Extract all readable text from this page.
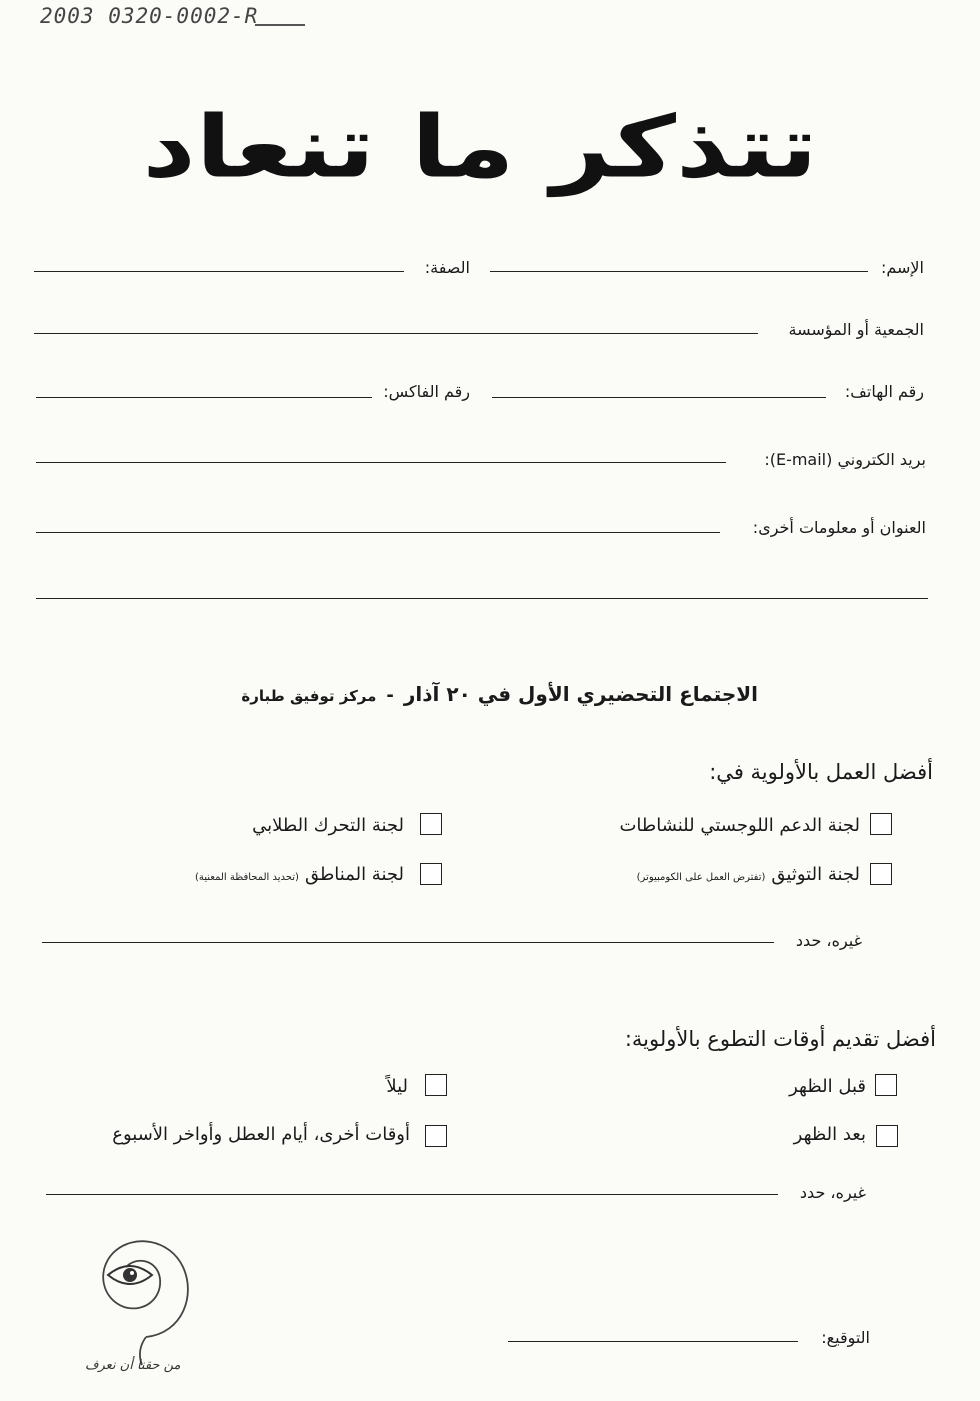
2003 0320-0002-R
تتذكر ما تنعاد
الإسم:
الصفة:
الجمعية أو المؤسسة
رقم الهاتف:
رقم الفاكس:
بريد الكتروني (E-mail):
العنوان أو معلومات أخرى:
الاجتماع التحضيري الأول في ٢٠ آذار
-
مركز توفيق طبارة
أفضل العمل بالأولوية في:
لجنة الدعم اللوجستي للنشاطات
لجنة التحرك الطلابي
لجنة التوثيق
(تفترض العمل على الكومبيوتر)
لجنة المناطق
(تحديد المحافظة المعنية)
غيره، حدد
أفضل تقديم أوقات التطوع بالأولوية:
قبل الظهر
ليلاً
بعد الظهر
أوقات أخرى، أيام العطل وأواخر الأسبوع
غيره، حدد
التوقيع:
من حقنا أن نعرف
